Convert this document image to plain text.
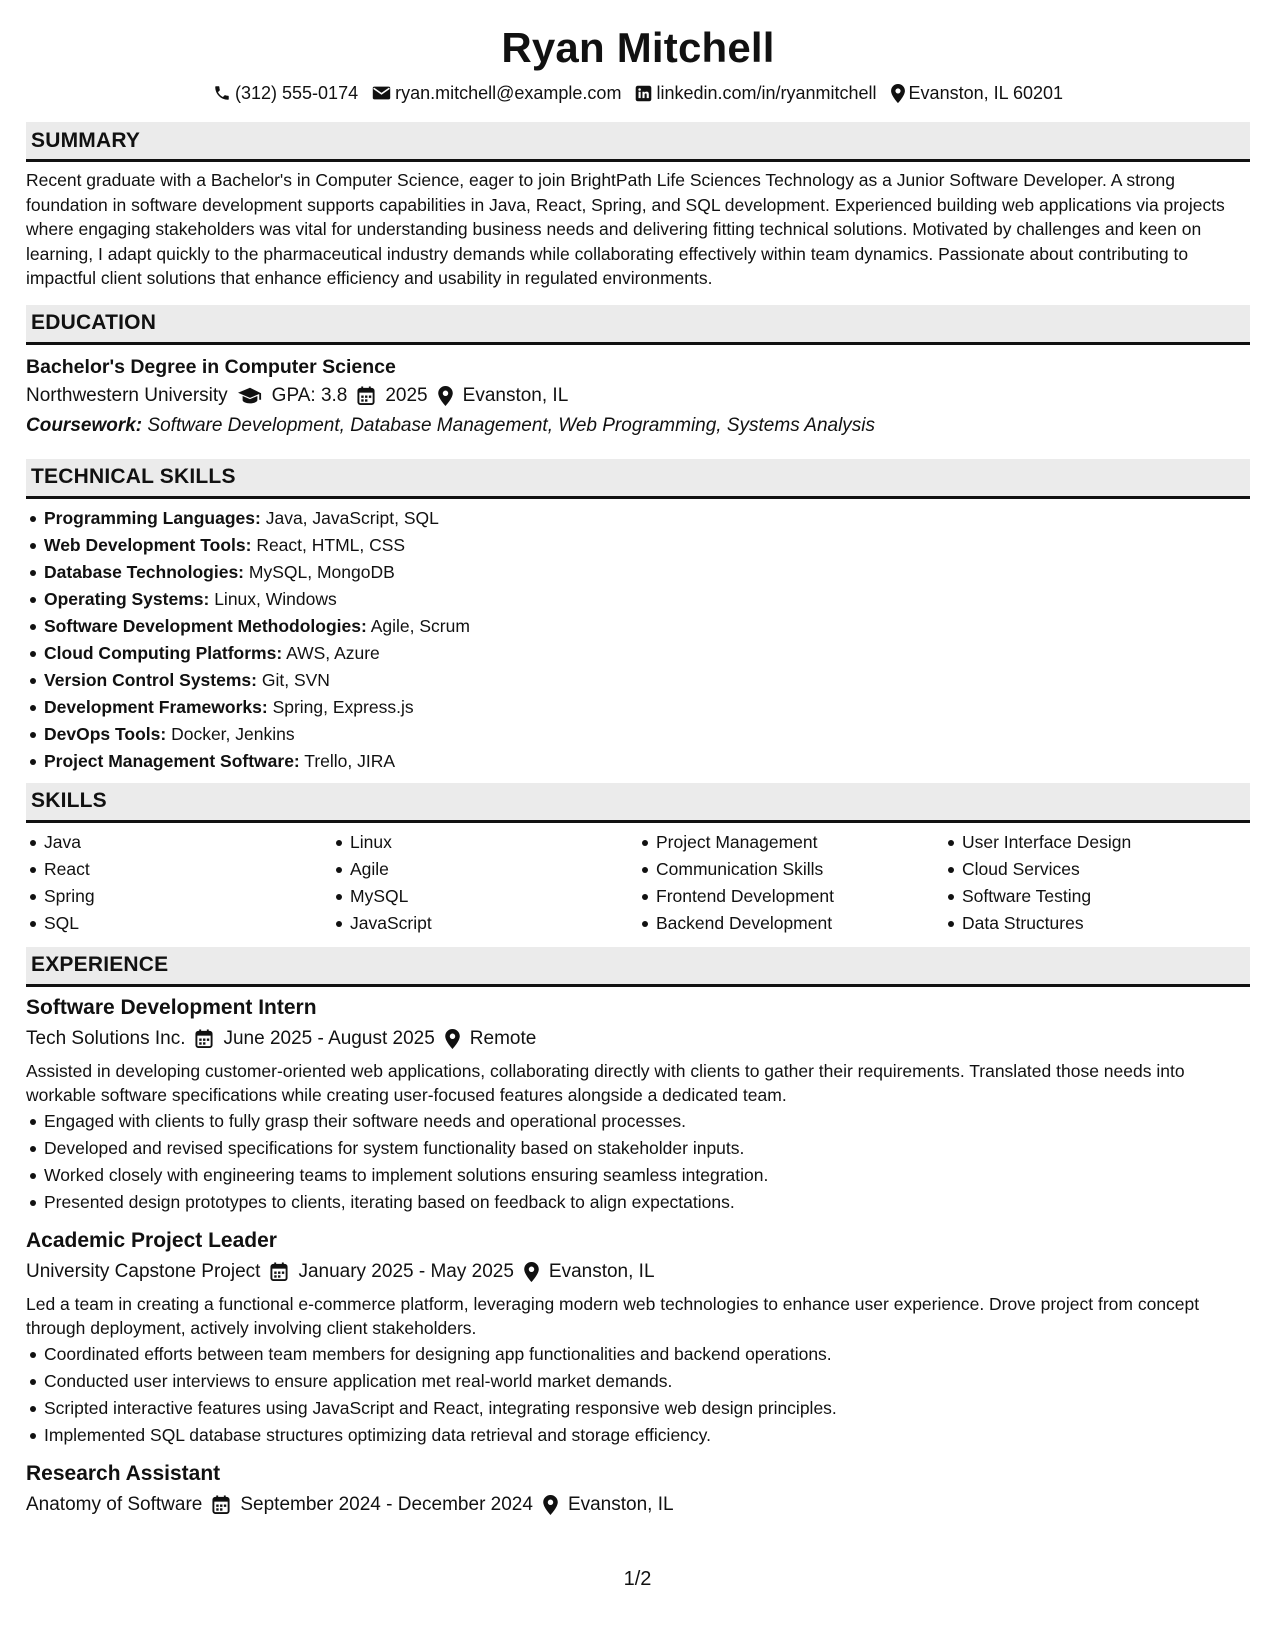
Ryan Mitchell
(312) 555-0174 ryan.mitchell@example.com linkedin.com/in/ryanmitchell Evanston, IL 60201
SUMMARY

Recent graduate with a Bachelor's in Computer Science, eager to join BrightPath Life Sciences Technology as a Junior Software Developer. A strong foundation in software development supports capabilities in Java, React, Spring, and SQL development. Experienced building web applications via projects where engaging stakeholders was vital for understanding business needs and delivering fitting technical solutions. Motivated by challenges and keen on learning, I adapt quickly to the pharmaceutical industry demands while collaborating effectively within team dynamics. Passionate about contributing to impactful client solutions that enhance efficiency and usability in regulated environments.

EDUCATION
Bachelor's Degree in Computer Science
Northwestern University GPA: 3.8 2025 Evanston, IL
Coursework: Software Development, Database Management, Web Programming, Systems Analysis
TECHNICAL SKILLS
Programming Languages: Java, JavaScript, SQL
Web Development Tools: React, HTML, CSS
Database Technologies: MySQL, MongoDB
Operating Systems: Linux, Windows
Software Development Methodologies: Agile, Scrum
Cloud Computing Platforms: AWS, Azure
Version Control Systems: Git, SVN
Development Frameworks: Spring, Express.js
DevOps Tools: Docker, Jenkins
Project Management Software: Trello, JIRA
SKILLS
Java
React
Spring
SQL
Linux
Agile
MySQL
JavaScript
Project Management
Communication Skills
Frontend Development
Backend Development
User Interface Design
Cloud Services
Software Testing
Data Structures
EXPERIENCE
Software Development Intern
Tech Solutions Inc. June 2025 - August 2025 Remote

Assisted in developing customer-oriented web applications, collaborating directly with clients to gather their requirements. Translated those needs into workable software specifications while creating user-focused features alongside a dedicated team.

Engaged with clients to fully grasp their software needs and operational processes.
Developed and revised specifications for system functionality based on stakeholder inputs.
Worked closely with engineering teams to implement solutions ensuring seamless integration.
Presented design prototypes to clients, iterating based on feedback to align expectations.
Academic Project Leader
University Capstone Project January 2025 - May 2025 Evanston, IL

Led a team in creating a functional e-commerce platform, leveraging modern web technologies to enhance user experience. Drove project from concept through deployment, actively involving client stakeholders.

Coordinated efforts between team members for designing app functionalities and backend operations.
Conducted user interviews to ensure application met real-world market demands.
Scripted interactive features using JavaScript and React, integrating responsive web design principles.
Implemented SQL database structures optimizing data retrieval and storage efficiency.
Research Assistant
Anatomy of Software September 2024 - December 2024 Evanston, IL
1/2
